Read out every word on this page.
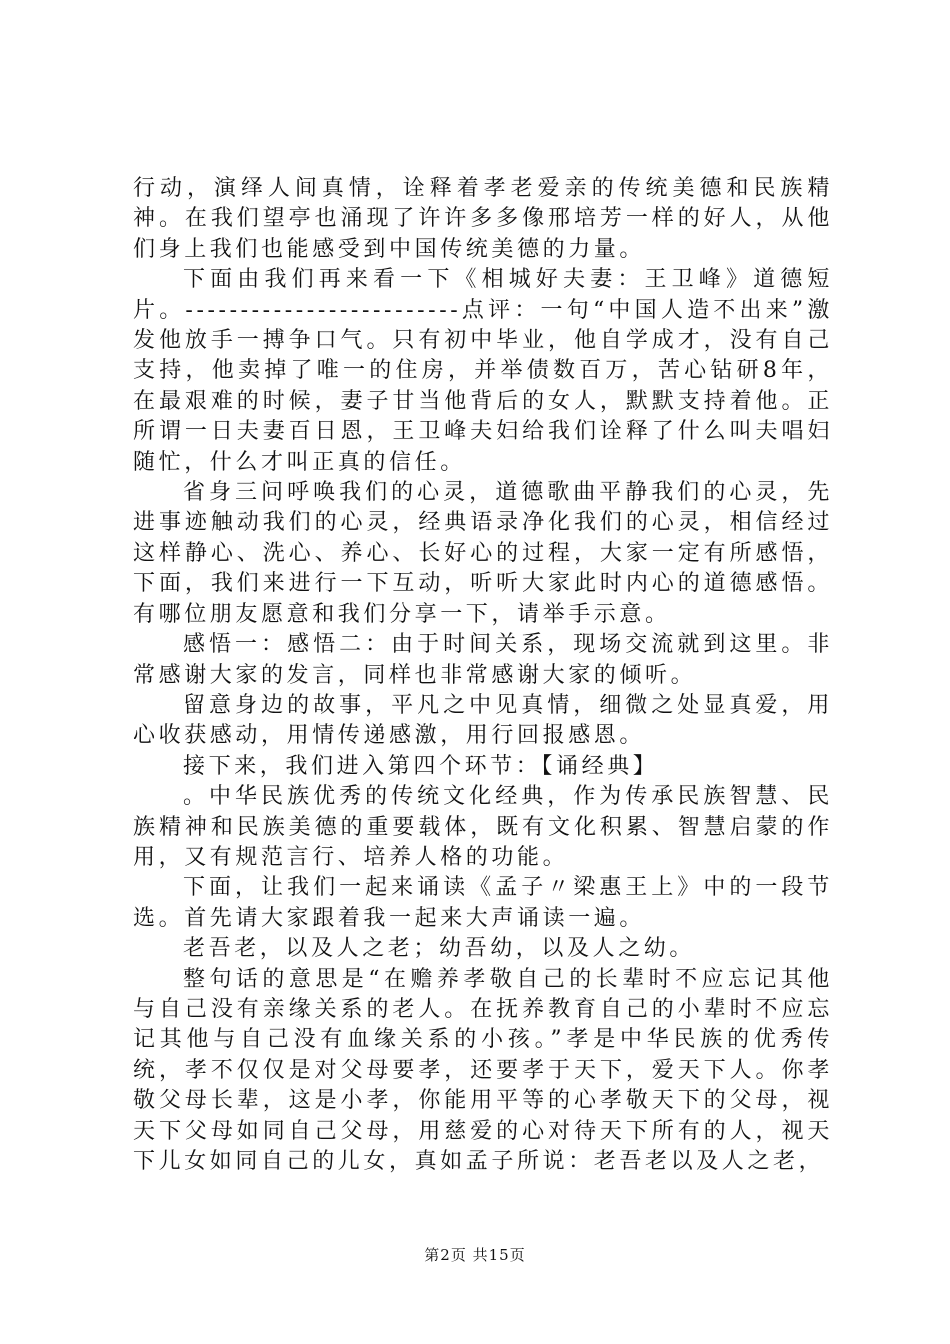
行动，演绎人间真情，诠释着孝老爱亲的传统美德和民族精神。在我们望亭也涌现了许许多多像邢培芳一样的好人，从他们身上我们也能感受到中国传统美德的力量。

下面由我们再来看一下《相城好夫妻：王卫峰》道德短片。-------------------------点评：一句“中国人造不出来”激发他放手一搏争口气。只有初中毕业，他自学成才，没有自己支持，他卖掉了唯一的住房，并举债数百万，苦心钻研8年，在最艰难的时候，妻子甘当他背后的女人，默默支持着他。正所谓一日夫妻百日恩，王卫峰夫妇给我们诠释了什么叫夫唱妇随忙，什么才叫正真的信任。

省身三问呼唤我们的心灵，道德歌曲平静我们的心灵，先进事迹触动我们的心灵，经典语录净化我们的心灵，相信经过这样静心、洗心、养心、长好心的过程，大家一定有所感悟，下面，我们来进行一下互动，听听大家此时内心的道德感悟。有哪位朋友愿意和我们分享一下，请举手示意。

感悟一：感悟二：由于时间关系，现场交流就到这里。非常感谢大家的发言，同样也非常感谢大家的倾听。

留意身边的故事，平凡之中见真情，细微之处显真爱，用心收获感动，用情传递感激，用行回报感恩。

接下来，我们进入第四个环节：【诵经典】

。中华民族优秀的传统文化经典，作为传承民族智慧、民族精神和民族美德的重要载体，既有文化积累、智慧启蒙的作用，又有规范言行、培养人格的功能。

下面，让我们一起来诵读《孟子〃梁惠王上》中的一段节选。首先请大家跟着我一起来大声诵读一遍。

老吾老，以及人之老；幼吾幼，以及人之幼。

整句话的意思是“在赡养孝敬自己的长辈时不应忘记其他与自己没有亲缘关系的老人。在抚养教育自己的小辈时不应忘记其他与自己没有血缘关系的小孩。”孝是中华民族的优秀传统，孝不仅仅是对父母要孝，还要孝于天下，爱天下人。你孝敬父母长辈，这是小孝，你能用平等的心孝敬天下的父母，视天下父母如同自己父母，用慈爱的心对待天下所有的人，视天下儿女如同自己的儿女，真如孟子所说：老吾老以及人之老，

第2页 共15页
